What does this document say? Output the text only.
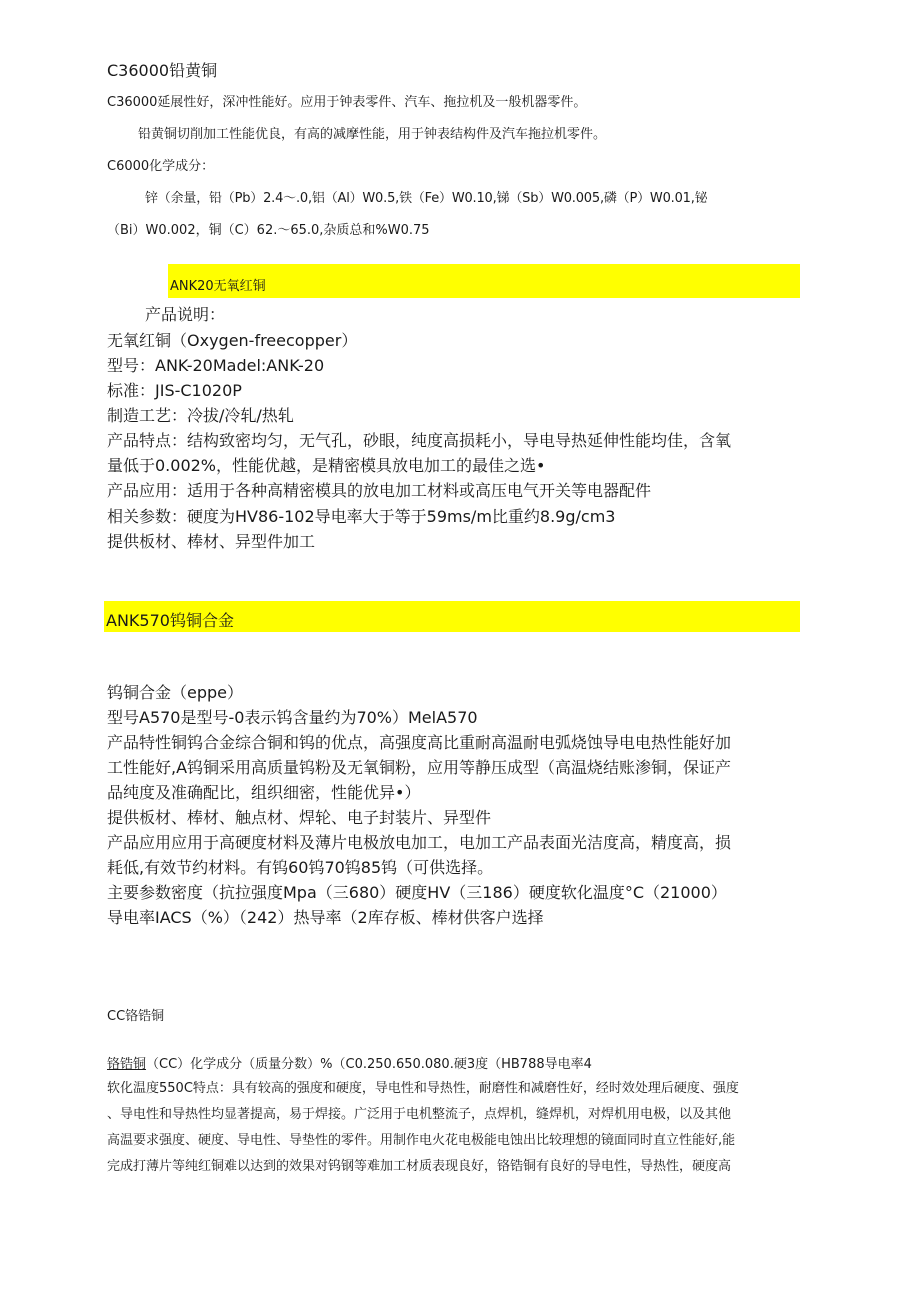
C36000铅黄铜
C36000延展性好，深冲性能好。应用于钟表零件、汽车、拖拉机及一般机器零件。
铅黄铜切削加工性能优良，有高的减摩性能，用于钟表结构件及汽车拖拉机零件。
C6000化学成分：
锌（余量，铅（Pb）2.4～.0,铝（Al）W0.5,铁（Fe）W0.10,锑（Sb）W0.005,磷（P）W0.01,铋
（Bi）W0.002，铜（C）62.～65.0,杂质总和%W0.75
ANK20无氧红铜
产品说明：
无氧红铜（Oxygen-freecopper）
型号：ANK-20Madel:ANK-20
标准：JIS-C1020P
制造工艺：冷拔/冷轧/热轧
产品特点：结构致密均匀，无气孔，砂眼，纯度高损耗小，导电导热延伸性能均佳，含氧
量低于0.002%，性能优越，是精密模具放电加工的最佳之选•
产品应用：适用于各种高精密模具的放电加工材料或高压电气开关等电器配件
相关参数：硬度为HV86-102导电率大于等于59ms/m比重约8.9g/cm3
提供板材、棒材、异型件加工
ANK570钨铜合金
钨铜合金（eppe）
型号A570是型号-0表示钨含量约为70%）MelA570
产品特性铜钨合金综合铜和钨的优点，高强度高比重耐高温耐电弧烧蚀导电电热性能好加
工性能好,A钨铜采用高质量钨粉及无氧铜粉，应用等静压成型（高温烧结账渗铜，保证产
品纯度及准确配比，组织细密，性能优异•）
提供板材、棒材、触点材、焊轮、电子封装片、异型件
产品应用应用于高硬度材料及薄片电极放电加工，电加工产品表面光洁度高，精度高，损
耗低,有效节约材料。有钨60钨70钨85钨（可供选择。
主要参数密度（抗拉强度Mpa（三680）硬度HV（三186）硬度软化温度°C（21000）
导电率IACS（%）（242）热导率（2库存板、棒材供客户选择
CC铬锆铜
铬锆铜（CC）化学成分（质量分数）%（C0.250.650.080.硬3度（HB788导电率4
软化温度550C特点：具有较高的强度和硬度，导电性和导热性，耐磨性和减磨性好，经时效处理后硬度、强度
、导电性和导热性均显著提高，易于焊接。广泛用于电机整流子，点焊机，缝焊机，对焊机用电极，以及其他
高温要求强度、硬度、导电性、导垫性的零件。用制作电火花电极能电蚀出比较理想的镜面同时直立性能好,能
完成打薄片等纯红铜难以达到的效果对钨钢等难加工材质表现良好，铬锆铜有良好的导电性，导热性，硬度高
